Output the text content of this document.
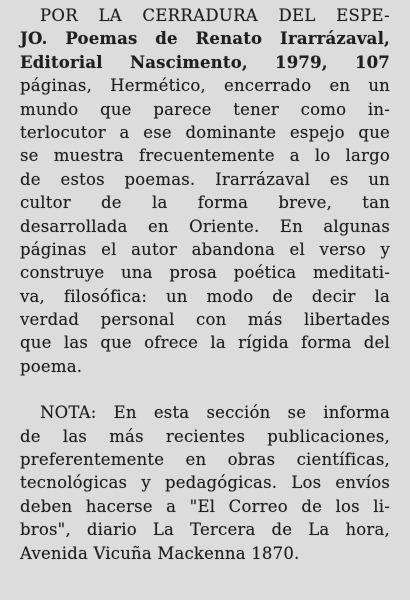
POR LA CERRADURA DEL ESPE-
JO. Poemas de Renato Irarrázaval,
Editorial Nascimento, 1979, 107
páginas, Hermético, encerrado en un
mundo que parece tener como in-
terlocutor a ese dominante espejo que
se muestra frecuentemente a lo largo
de estos poemas. Irarrázaval es un
cultor de la forma breve, tan
desarrollada en Oriente. En algunas
páginas el autor abandona el verso y
construye una prosa poética meditati-
va, filosófica: un modo de decir la
verdad personal con más libertades
que las que ofrece la rígida forma del
poema.
NOTA: En esta sección se informa
de las más recientes publicaciones,
preferentemente en obras científicas,
tecnológicas y pedagógicas. Los envíos
deben hacerse a "El Correo de los li-
bros", diario La Tercera de La hora,
Avenida Vicuña Mackenna 1870.
